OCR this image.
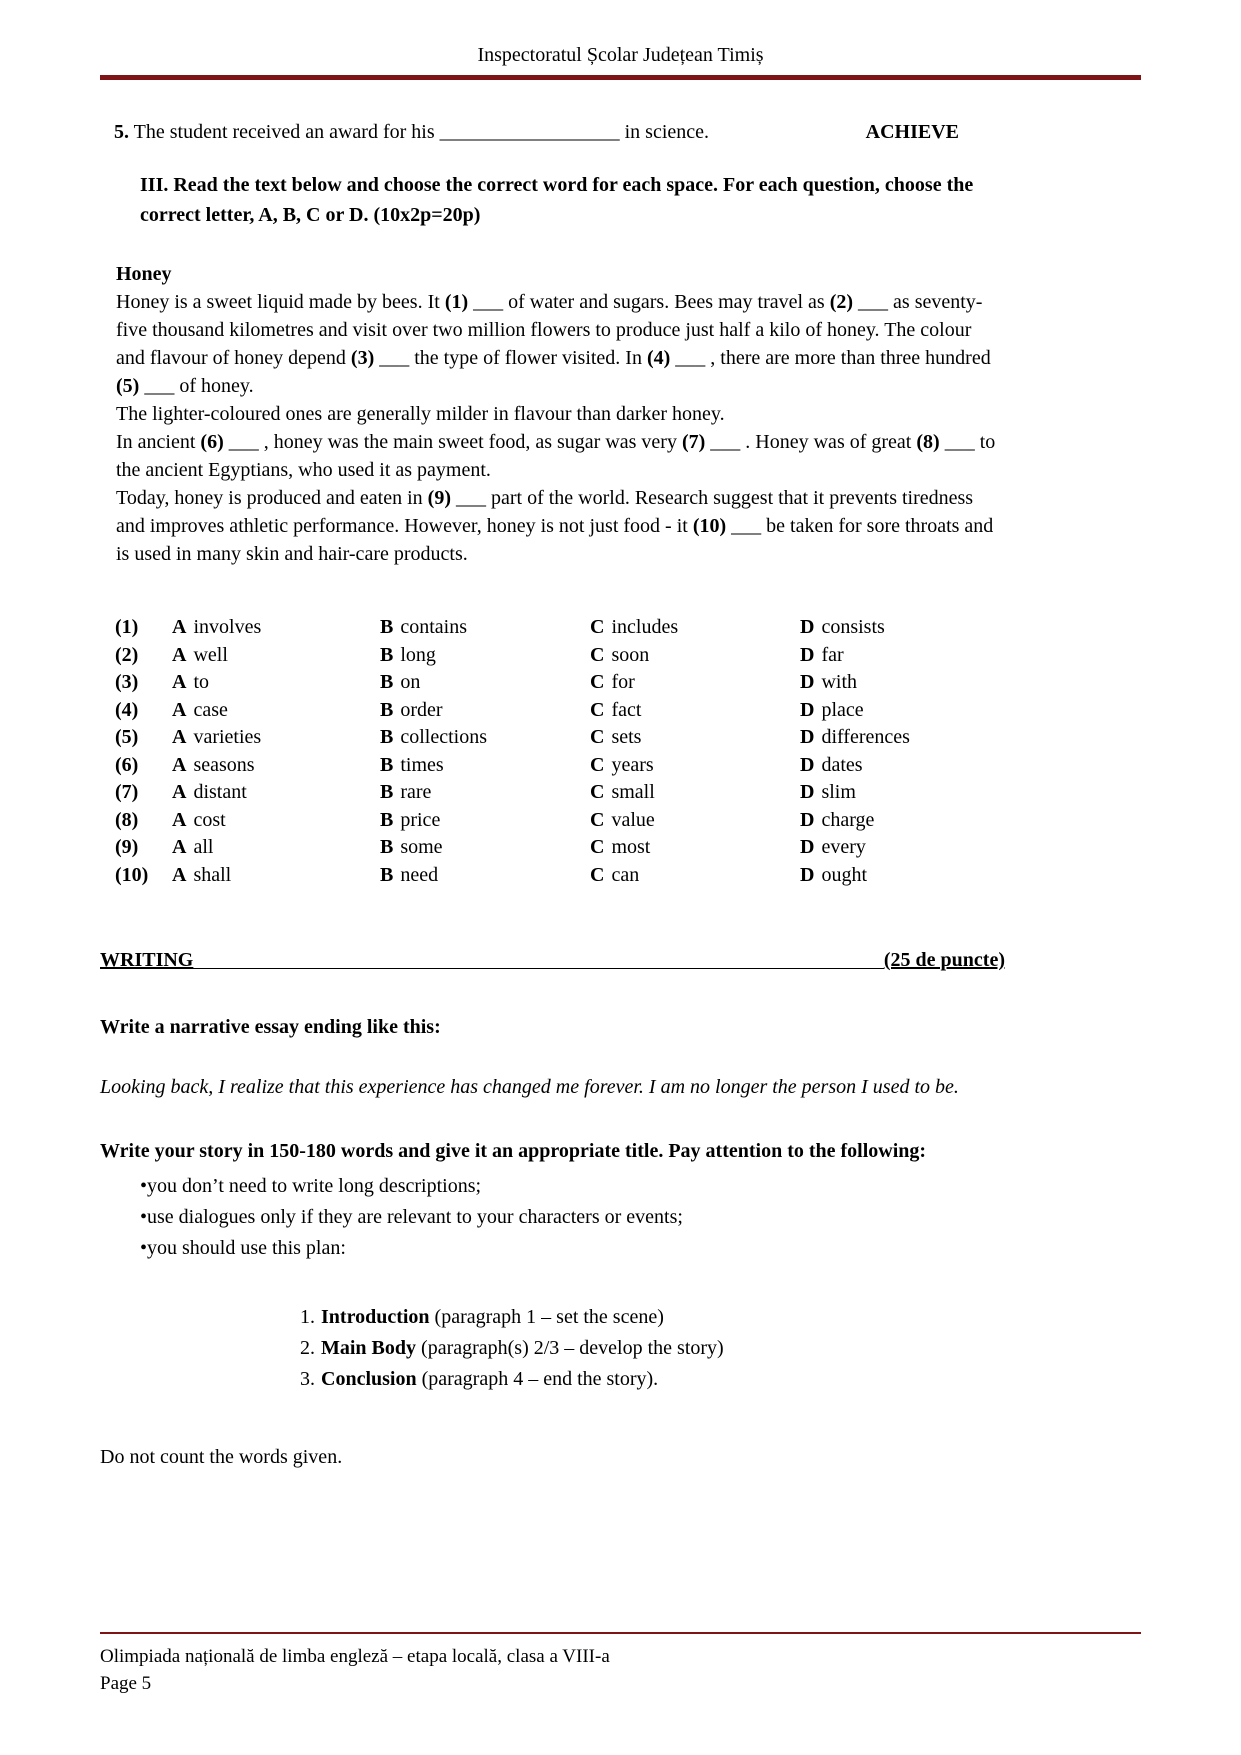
Inspectoratul Școlar Județean Timiș
5. The student received an award for his __________________ in science.	ACHIEVE
III. Read the text below and choose the correct word for each space. For each question, choose the correct letter, A, B, C or D. (10x2p=20p)
Honey

Honey is a sweet liquid made by bees. It (1) ___ of water and sugars. Bees may travel as (2) ___ as seventy-five thousand kilometres and visit over two million flowers to produce just half a kilo of honey. The colour and flavour of honey depend (3) ___ the type of flower visited. In (4) ___ , there are more than three hundred (5) ___ of honey.

The lighter-coloured ones are generally milder in flavour than darker honey.

In ancient (6) ___ , honey was the main sweet food, as sugar was very (7) ___ . Honey was of great (8) ___ to the ancient Egyptians, who used it as payment.

Today, honey is produced and eaten in (9) ___ part of the world. Research suggest that it prevents tiredness and improves athletic performance. However, honey is not just food - it (10) ___ be taken for sore throats and is used in many skin and hair-care products.

(1)	A involves	B contains	C includes	D consists
(2)	A well	B long	C soon	D far
(3)	A to	B on	C for	D with
(4)	A case	B order	C fact	D place
(5)	A varieties	B collections	C sets	D differences
(6)	A seasons	B times	C years	D dates
(7)	A distant	B rare	C small	D slim
(8)	A cost	B price	C value	D charge
(9)	A all	B some	C most	D every
(10)	A shall	B need	C can	D ought
WRITING	(25 de puncte)
Write a narrative essay ending like this:
Looking back, I realize that this experience has changed me forever. I am no longer the person I used to be.
Write your story in 150-180 words and give it an appropriate title. Pay attention to the following:
• you don’t need to write long descriptions;
• use dialogues only if they are relevant to your characters or events;
• you should use this plan:
1. Introduction (paragraph 1 – set the scene)
2. Main Body (paragraph(s) 2/3 – develop the story)
3. Conclusion (paragraph 4 – end the story).
Do not count the words given.
Olimpiada națională de limba engleză – etapa locală, clasa a VIII-a
Page 5
